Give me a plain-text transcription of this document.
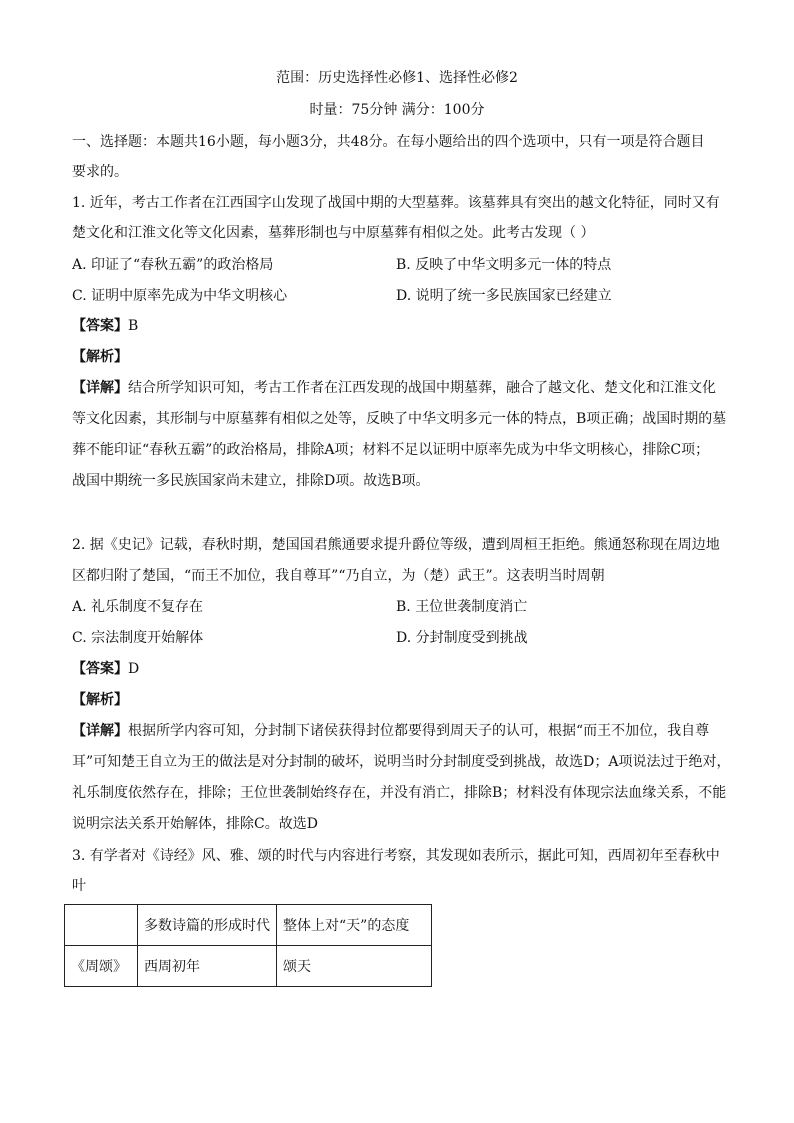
范围：历史选择性必修1、选择性必修2
时量：75分钟 满分：100分
一、选择题：本题共16小题，每小题3分，共48分。在每小题给出的四个选项中，只有一项是符合题目
要求的。
1. 近年，考古工作者在江西国字山发现了战国中期的大型墓葬。该墓葬具有突出的越文化特征，同时又有
楚文化和江淮文化等文化因素，墓葬形制也与中原墓葬有相似之处。此考古发现（ ）
A. 印证了“春秋五霸”的政治格局	B. 反映了中华文明多元一体的特点
C. 证明中原率先成为中华文明核心	D. 说明了统一多民族国家已经建立
【答案】B
【解析】
【详解】结合所学知识可知，考古工作者在江西发现的战国中期墓葬，融合了越文化、楚文化和江淮文化
等文化因素，其形制与中原墓葬有相似之处等，反映了中华文明多元一体的特点，B项正确；战国时期的墓
葬不能印证“春秋五霸”的政治格局，排除A项；材料不足以证明中原率先成为中华文明核心，排除C项；
战国中期统一多民族国家尚未建立，排除D项。故选B项。
2. 据《史记》记载，春秋时期，楚国国君熊通要求提升爵位等级，遭到周桓王拒绝。熊通怒称现在周边地
区都归附了楚国，“而王不加位，我自尊耳”“乃自立，为（楚）武王”。这表明当时周朝
A. 礼乐制度不复存在	B. 王位世袭制度消亡
C. 宗法制度开始解体	D. 分封制度受到挑战
【答案】D
【解析】
【详解】根据所学内容可知，分封制下诸侯获得封位都要得到周天子的认可，根据“而王不加位，我自尊
耳”可知楚王自立为王的做法是对分封制的破坏，说明当时分封制度受到挑战，故选D；A项说法过于绝对，
礼乐制度依然存在，排除；王位世袭制始终存在，并没有消亡，排除B；材料没有体现宗法血缘关系，不能
说明宗法关系开始解体，排除C。故选D
3. 有学者对《诗经》风、雅、颂的时代与内容进行考察，其发现如表所示，据此可知，西周初年至春秋中
叶
	多数诗篇的形成时代	整体上对“天”的态度
《周颂》	西周初年	颂天
